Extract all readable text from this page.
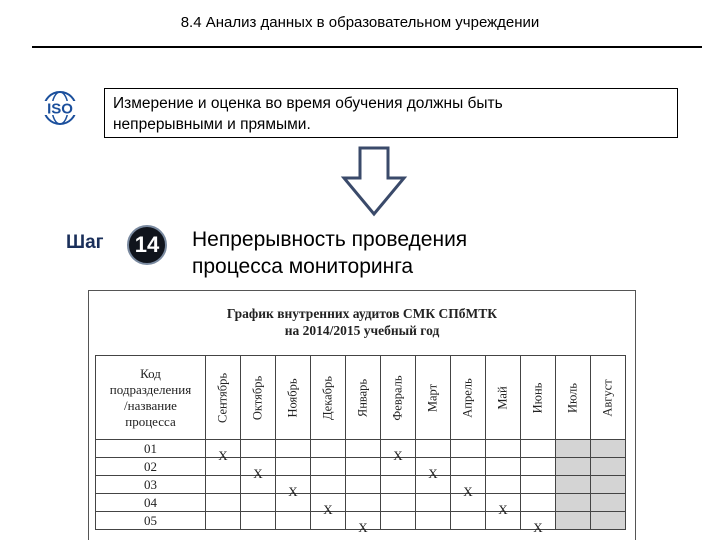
8.4 Анализ данных в образовательном учреждении
ISO	Измерение и оценка во время обучения должны быть
непрерывными и прямыми.
Шаг	14	Непрерывность проведения
процесса мониторинга
График внутренних аудитов СМК СПбМТК
на 2014/2015 учебный год
Код
подразделения
/название
процесса	Сентябрь	Октябрь	Ноябрь	Декабрь	Январь	Февраль	Март	Апрель	Май	Июнь	Июль	Август

01	X					X						

02		X					X					

03			X					X				

04				X					X			

05					X					X		
